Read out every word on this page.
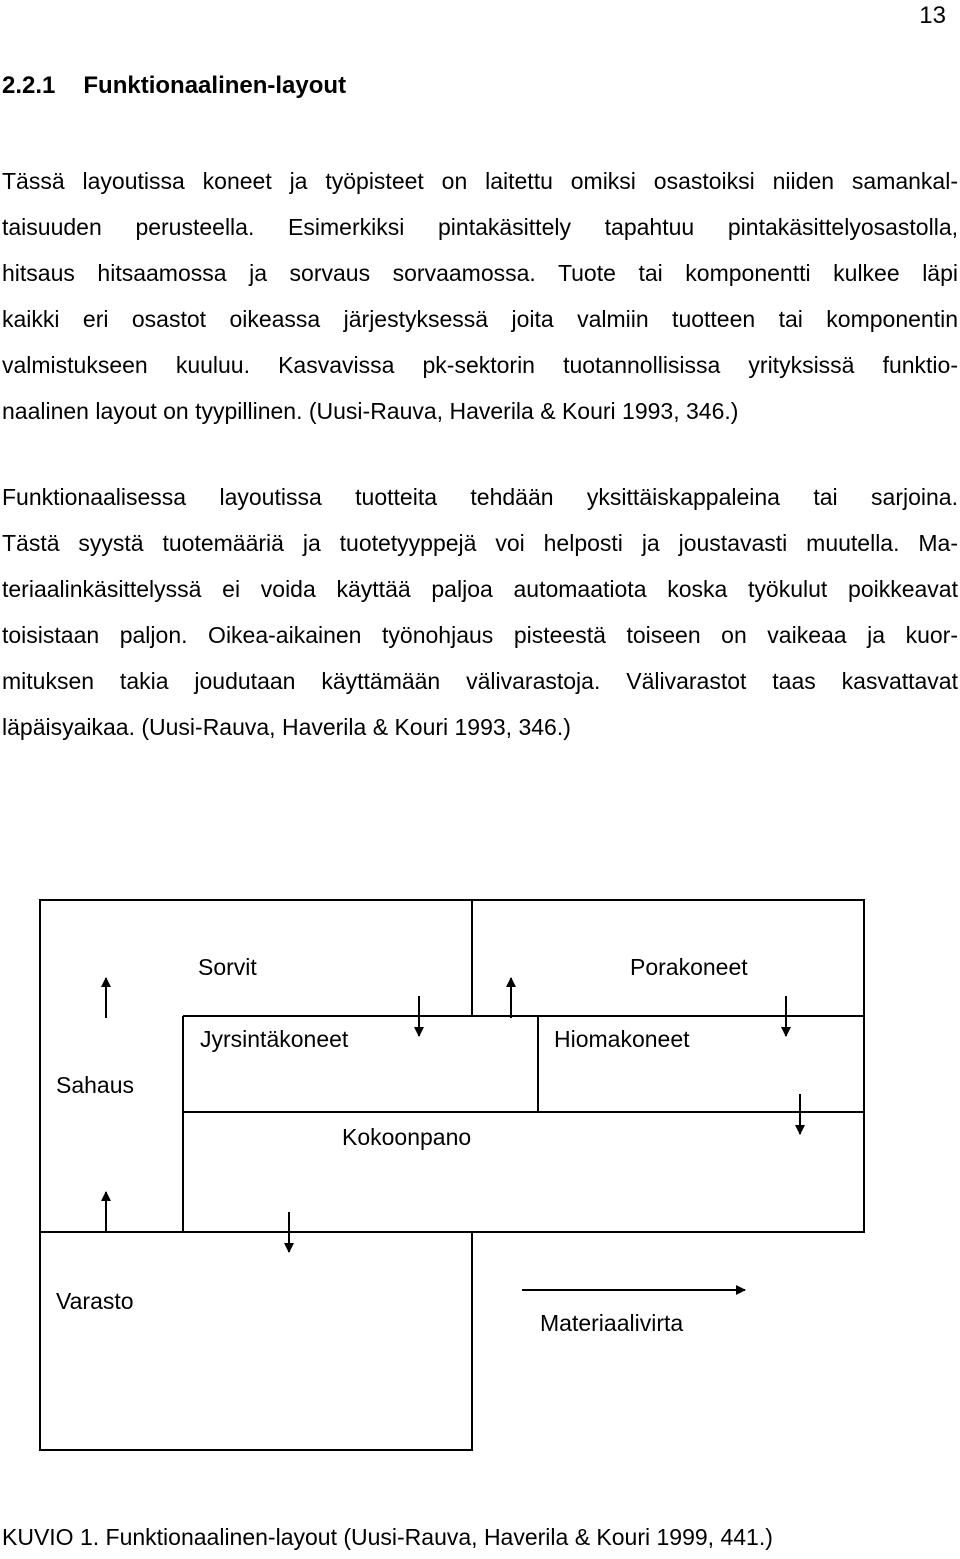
13
2.2.1 Funktionaalinen-layout
Tässä layoutissa koneet ja työpisteet on laitettu omiksi osastoiksi niiden samankal-
taisuuden perusteella. Esimerkiksi pintakäsittely tapahtuu pintakäsittelyosastolla,
hitsaus hitsaamossa ja sorvaus sorvaamossa. Tuote tai komponentti kulkee läpi
kaikki eri osastot oikeassa järjestyksessä joita valmiin tuotteen tai komponentin
valmistukseen kuuluu. Kasvavissa pk-sektorin tuotannollisissa yrityksissä funktio-
naalinen layout on tyypillinen. (Uusi-Rauva, Haverila & Kouri 1993, 346.)
Funktionaalisessa layoutissa tuotteita tehdään yksittäiskappaleina tai sarjoina.
Tästä syystä tuotemääriä ja tuotetyyppejä voi helposti ja joustavasti muutella. Ma-
teriaalinkäsittelyssä ei voida käyttää paljoa automaatiota koska työkulut poikkeavat
toisistaan paljon. Oikea-aikainen työnohjaus pisteestä toiseen on vaikeaa ja kuor-
mituksen takia joudutaan käyttämään välivarastoja. Välivarastot taas kasvattavat
läpäisyaikaa. (Uusi-Rauva, Haverila & Kouri 1993, 346.)
Sorvit	Porakoneet
Jyrsintäkoneet	Hiomakoneet
Sahaus
Kokoonpano
Varasto
Materiaalivirta
KUVIO 1. Funktionaalinen-layout (Uusi-Rauva, Haverila & Kouri 1999, 441.)
